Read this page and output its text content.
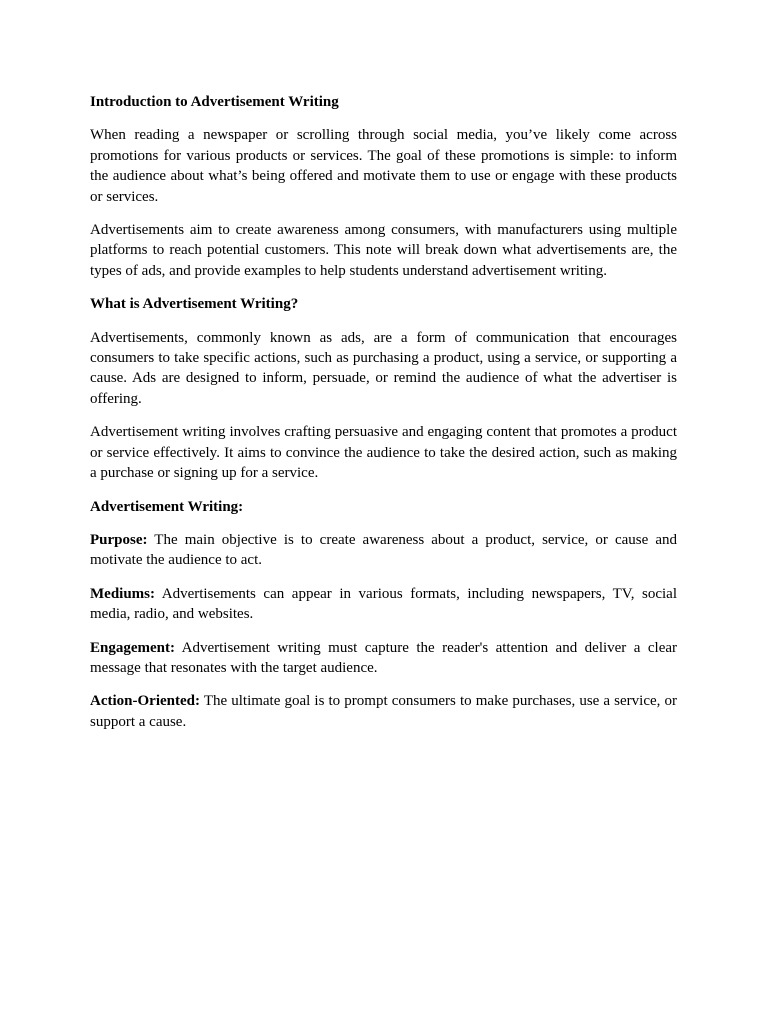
Introduction to Advertisement Writing

When reading a newspaper or scrolling through social media, you’ve likely come across promotions for various products or services. The goal of these promotions is simple: to inform the audience about what’s being offered and motivate them to use or engage with these products or services.

Advertisements aim to create awareness among consumers, with manufacturers using multiple platforms to reach potential customers. This note will break down what advertisements are, the types of ads, and provide examples to help students understand advertisement writing.

What is Advertisement Writing?

Advertisements, commonly known as ads, are a form of communication that encourages consumers to take specific actions, such as purchasing a product, using a service, or supporting a cause. Ads are designed to inform, persuade, or remind the audience of what the advertiser is offering.

Advertisement writing involves crafting persuasive and engaging content that promotes a product or service effectively. It aims to convince the audience to take the desired action, such as making a purchase or signing up for a service.

Advertisement Writing:

Purpose: The main objective is to create awareness about a product, service, or cause and motivate the audience to act.

Mediums: Advertisements can appear in various formats, including newspapers, TV, social media, radio, and websites.

Engagement: Advertisement writing must capture the reader's attention and deliver a clear message that resonates with the target audience.

Action-Oriented: The ultimate goal is to prompt consumers to make purchases, use a service, or support a cause.
